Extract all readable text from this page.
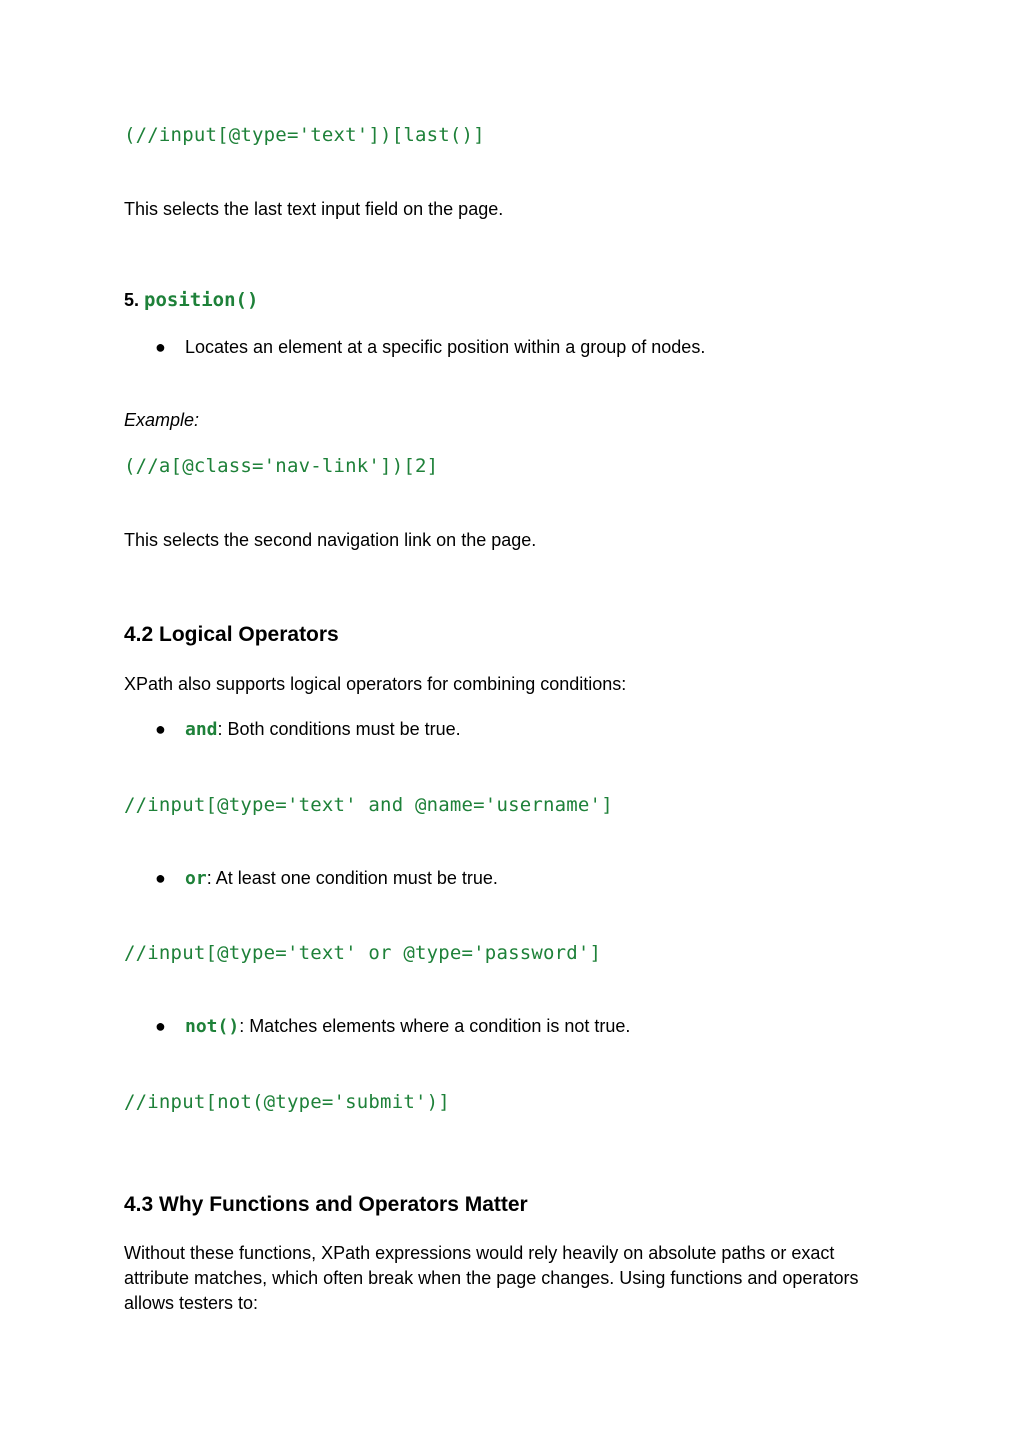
(//input[@type='text'])[last()]
This selects the last text input field on the page.
5. position()
● Locates an element at a specific position within a group of nodes.
Example:
(//a[@class='nav-link'])[2]
This selects the second navigation link on the page.
4.2 Logical Operators
XPath also supports logical operators for combining conditions:
● and: Both conditions must be true.
//input[@type='text' and @name='username']
● or: At least one condition must be true.
//input[@type='text' or @type='password']
● not(): Matches elements where a condition is not true.
//input[not(@type='submit')]
4.3 Why Functions and Operators Matter
Without these functions, XPath expressions would rely heavily on absolute paths or exact attribute matches, which often break when the page changes. Using functions and operators allows testers to:
